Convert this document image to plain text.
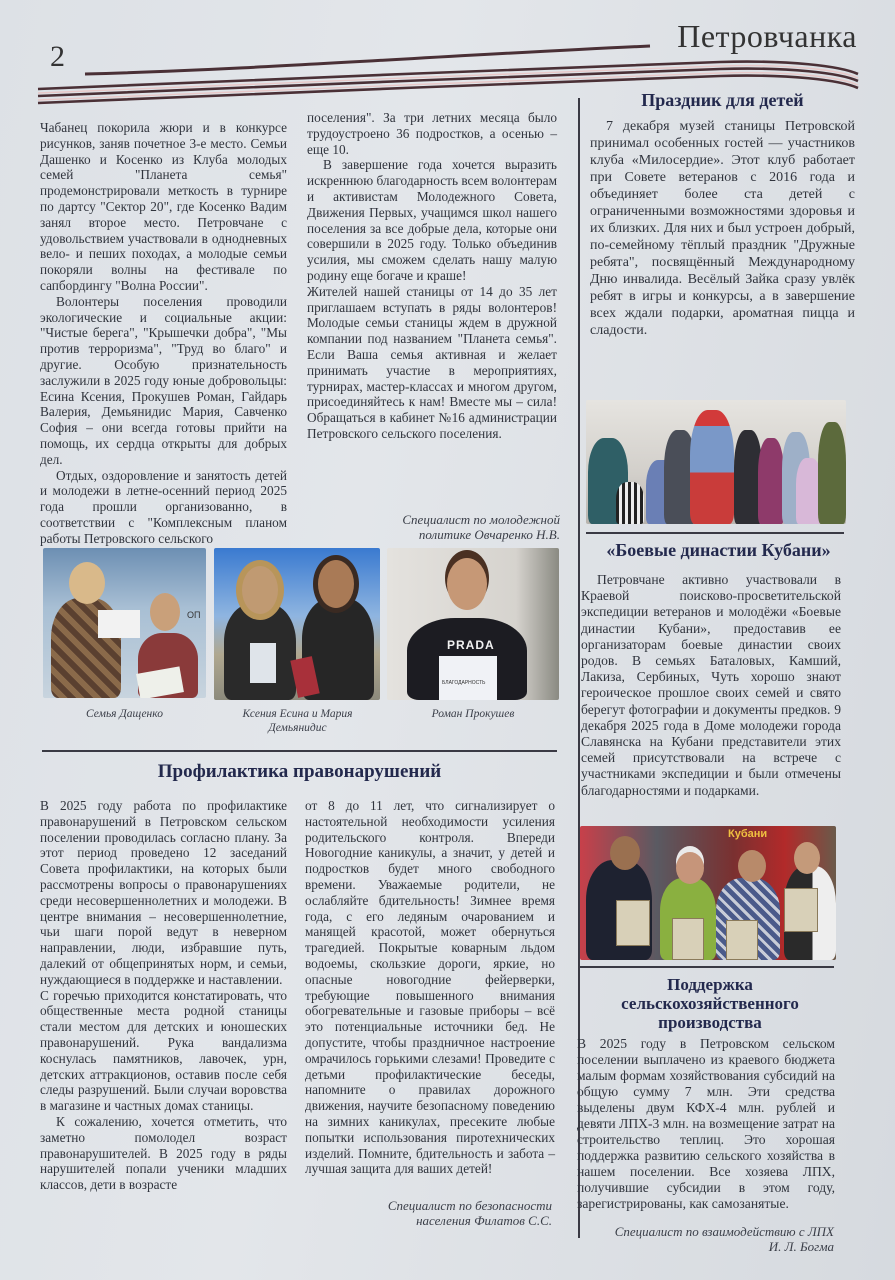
2
Петровчанка

Чабанец покорила жюри и в конкурсе рисунков, заняв почетное 3-е место. Семьи Дашенко и Косенко из Клуба молодых семей "Планета семья" продемонстрировали меткость в турнире по дартсу "Сектор 20", где Косенко Вадим занял второе место. Петровчане с удовольствием участвовали в однодневных вело- и пеших походах, а молодые семьи покоряли волны на фестивале по сапбордингу "Волна России".

Волонтеры поселения проводили экологические и социальные акции: "Чистые берега", "Крышечки добра", "Мы против терроризма", "Труд во благо" и другие. Особую признательность заслужили в 2025 году юные добровольцы: Есина Ксения, Прокушев Роман, Гайдарь Валерия, Демьянидис Мария, Савченко София – они всегда готовы прийти на помощь, их сердца открыты для добрых дел.

Отдых, оздоровление и занятость детей и молодежи в летне-осенний период 2025 года прошли организованно, в соответствии с "Комплексным планом работы Петровского сельского

поселения". За три летних месяца было трудоустроено 36 подростков, а осенью – еще 10.

В завершение года хочется выразить искреннюю благодарность всем волонтерам и активистам Молодежного Совета, Движения Первых, учащимся школ нашего поселения за все добрые дела, которые они совершили в 2025 году. Только объединив усилия, мы сможем сделать нашу малую родину еще богаче и краше!

Жителей нашей станицы от 14 до 35 лет приглашаем вступать в ряды волонтеров! Молодые семьи станицы ждем в дружной компании под названием "Планета семья". Если Ваша семья активная и желает принимать участие в мероприятиях, турнирах, мастер-классах и многом другом, присоединяйтесь к нам! Вместе мы – сила! Обращаться в кабинет №16 администрации Петровского сельского поселения.

Специалист по молодежной политике Овчаренко Н.В.
ОП
PRADA
БЛАГОДАРНОСТЬ
Семья Дащенко	Ксения Есина и Мария Демьянидис
Роман Прокушев
Профилактика правонарушений

В 2025 году работа по профилактике правонарушений в Петровском сельском поселении проводилась согласно плану. За этот период проведено 12 заседаний Совета профилактики, на которых были рассмотрены вопросы о правонарушениях среди несовершеннолетних и молодежи. В центре внимания – несовершеннолетние, чьи шаги порой ведут в неверном направлении, люди, избравшие путь, далекий от общепринятых норм, и семьи, нуждающиеся в поддержке и наставлении.

С горечью приходится констатировать, что общественные места родной станицы стали местом для детских и юношеских правонарушений. Рука вандализма коснулась памятников, лавочек, урн, детских аттракционов, оставив после себя следы разрушений. Были случаи воровства в магазине и частных домах станицы.

К сожалению, хочется отметить, что заметно помолодел возраст правонарушителей. В 2025 году в ряды нарушителей попали ученики младших классов, дети в возрасте

от 8 до 11 лет, что сигнализирует о настоятельной необходимости усиления родительского контроля. Впереди Новогодние каникулы, а значит, у детей и подростков будет много свободного времени. Уважаемые родители, не ослабляйте бдительность! Зимнее время года, с его ледяным очарованием и манящей красотой, может обернуться трагедией. Покрытые коварным льдом водоемы, скользкие дороги, яркие, но опасные новогодние фейерверки, требующие повышенного внимания обогревательные и газовые приборы – всё это потенциальные источники бед. Не допустите, чтобы праздничное настроение омрачилось горькими слезами! Проведите с детьми профилактические беседы, напомните о правилах дорожного движения, научите безопасному поведению на зимних каникулах, пресеките любые попытки использования пиротехнических изделий. Помните, бдительность и забота – лучшая защита для ваших детей!

Специалист по безопасности населения Филатов С.С.
Праздник для детей

7 декабря музей станицы Петровской принимал особенных гостей — участников клуба «Милосердие». Этот клуб работает при Совете ветеранов с 2016 года и объединяет более ста детей с ограниченными возможностями здоровья и их близких. Для них и был устроен добрый, по-семейному тёплый праздник "Дружные ребята", посвящённый Международному Дню инвалида. Весёлый Зайка сразу увлёк ребят в игры и конкурсы, а в завершение всех ждали подарки, ароматная пицца и сладости.

«Боевые династии Кубани»

Петровчане активно участвовали в Краевой поисково-просветительской экспедиции ветеранов и молодёжи «Боевые династии Кубани», предоставив ее организаторам боевые династии своих родов. В семьях Баталовых, Камший, Лакиза, Сербиных, Чуть хорошо знают героическое прошлое своих семей и свято берегут фотографии и документы предков. 9 декабря 2025 года в Доме молодежи города Славянска на Кубани представители этих семей присутствовали на встрече с участниками экспедиции и были отмечены благодарностями и подарками.

Кубани
Поддержка сельскохозяйственного производства

В 2025 году в Петровском сельском поселении выплачено из краевого бюджета малым формам хозяйствования субсидий на общую сумму 7 млн. Эти средства выделены двум КФХ-4 млн. рублей и девяти ЛПХ-3 млн. на возмещение затрат на строительство теплиц. Это хорошая поддержка развитию сельского хозяйства в нашем поселении. Все хозяева ЛПХ, получившие субсидии в этом году, зарегистрированы, как самозанятые.

Специалист по взаимодействию с ЛПХ И. Л. Богма
